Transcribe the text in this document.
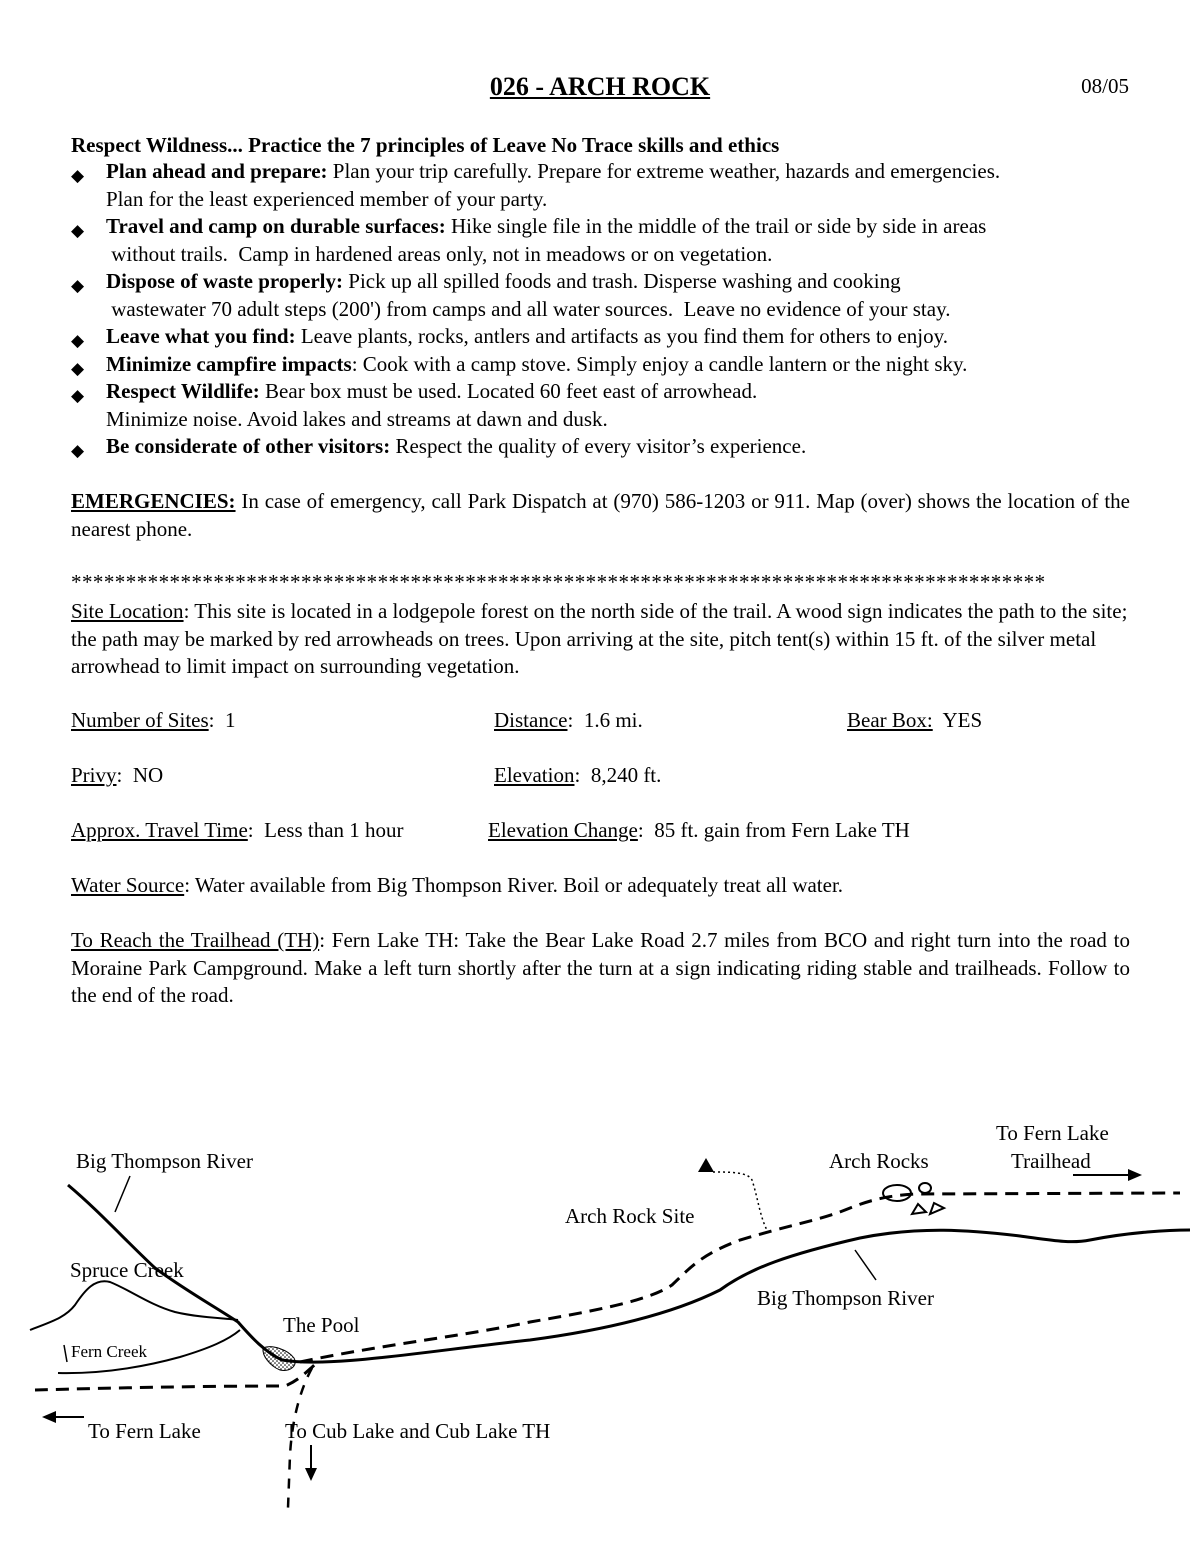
026 - ARCH ROCK	08/05
Respect Wildness... Practice the 7 principles of Leave No Trace skills and ethics
◆ Plan ahead and prepare: Plan your trip carefully. Prepare for extreme weather, hazards and emergencies.
Plan for the least experienced member of your party.
◆ Travel and camp on durable surfaces: Hike single file in the middle of the trail or side by side in areas
without trails.  Camp in hardened areas only, not in meadows or on vegetation.
◆ Dispose of waste properly: Pick up all spilled foods and trash. Disperse washing and cooking
wastewater 70 adult steps (200') from camps and all water sources.  Leave no evidence of your stay.
◆ Leave what you find: Leave plants, rocks, antlers and artifacts as you find them for others to enjoy.
◆ Minimize campfire impacts: Cook with a camp stove. Simply enjoy a candle lantern or the night sky.
◆ Respect Wildlife: Bear box must be used. Located 60 feet east of arrowhead.
Minimize noise. Avoid lakes and streams at dawn and dusk.
◆ Be considerate of other visitors: Respect the quality of every visitor’s experience.
EMERGENCIES: In case of emergency, call Park Dispatch at (970) 586-1203 or 911. Map (over) shows the location of the nearest phone.
*****************************************************************************************
Site Location: This site is located in a lodgepole forest on the north side of the trail. A wood sign indicates the path to the site; the path may be marked by red arrowheads on trees. Upon arriving at the site, pitch tent(s) within 15 ft. of the silver metal arrowhead to limit impact on surrounding vegetation.
Number of Sites:  1	Distance:  1.6 mi.	Bear Box:  YES
Privy:  NO	Elevation:  8,240 ft.
Approx. Travel Time:  Less than 1 hour	Elevation Change:  85 ft. gain from Fern Lake TH
Water Source: Water available from Big Thompson River. Boil or adequately treat all water.
To Reach the Trailhead (TH): Fern Lake TH: Take the Bear Lake Road 2.7 miles from BCO and right turn into the road to Moraine Park Campground. Make a left turn shortly after the turn at a sign indicating riding stable and trailheads. Follow to the end of the road.
Big Thompson River
Spruce Creek
Fern Creek
The Pool
To Fern Lake	To Cub Lake and Cub Lake TH
Arch Rock Site
Arch Rocks
To Fern Lake
Trailhead
Big Thompson River
